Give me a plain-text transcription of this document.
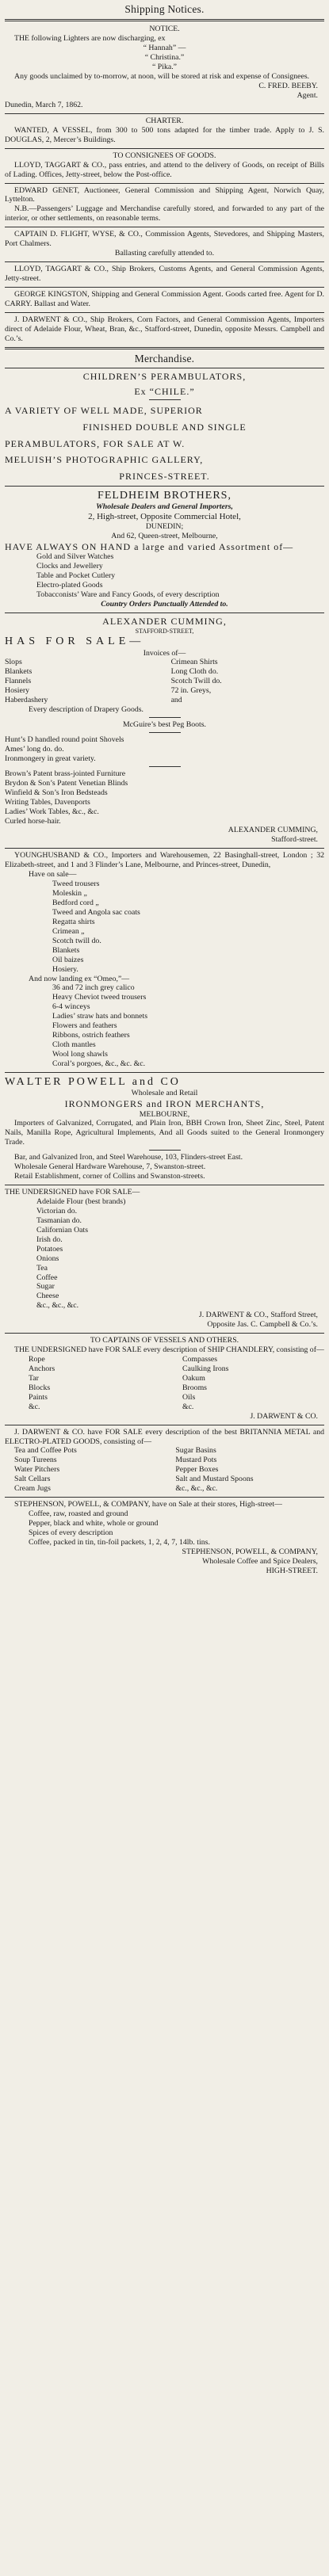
Shipping Notices.
NOTICE.
THE following Lighters are now discharging, ex
“ Hannah” —
“ Christina.”
“ Pika.”
Any goods unclaimed by to-morrow, at noon, will be stored at risk and expense of Consignees.
C. FRED. BEEBY.
Agent.
Dunedin, March 7, 1862.
CHARTER.
WANTED, A VESSEL, from 300 to 500 tons adapted for the timber trade. Apply to J. S. DOUGLAS, 2, Mercer’s Buildings.
TO CONSIGNEES OF GOODS.
LLOYD, TAGGART & CO., pass entries, and attend to the delivery of Goods, on receipt of Bills of Lading. Offices, Jetty-street, below the Post-office.
EDWARD GENET, Auctioneer, General Commission and Shipping Agent, Norwich Quay, Lyttelton.
N.B.—Passengers’ Luggage and Merchandise carefully stored, and forwarded to any part of the interior, or other settlements, on reasonable terms.
CAPTAIN D. FLIGHT, WYSE, & CO., Commission Agents, Stevedores, and Shipping Masters, Port Chalmers.
Ballasting carefully attended to.
LLOYD, TAGGART & CO., Ship Brokers, Customs Agents, and General Commission Agents, Jetty-street.
GEORGE KINGSTON, Shipping and General Commission Agent. Goods carted free. Agent for D. CARRY. Ballast and Water.
J. DARWENT & CO., Ship Brokers, Corn Factors, and General Commission Agents, Importers direct of Adelaide Flour, Wheat, Bran, &c., Stafford-street, Dunedin, opposite Messrs. Campbell and Co.’s.
Merchandise.
CHILDREN’S PERAMBULATORS,
Ex “CHILE.”
A VARIETY OF WELL MADE, SUPERIOR
FINISHED DOUBLE AND SINGLE
PERAMBULATORS, FOR SALE AT W.
MELUISH’S PHOTOGRAPHIC GALLERY,
PRINCES-STREET.
FELDHEIM BROTHERS,
Wholesale Dealers and General Importers,
2, High-street, Opposite Commercial Hotel,
DUNEDIN;
And 62, Queen-street, Melbourne,
HAVE ALWAYS ON HAND a large and varied Assortment of—
Gold and Silver Watches
Clocks and Jewellery
Table and Pocket Cutlery
Electro-plated Goods
Tobacconists’ Ware and Fancy Goods, of every description
Country Orders Punctually Attended to.
ALEXANDER CUMMING,
STAFFORD-STREET,
HAS FOR SALE—
Invoices of—
Slops
Blankets
Flannels
Hosiery
Haberdashery
Crimean Shirts
Long Cloth do.
Scotch Twill do.
72 in. Greys,
and
Every description of Drapery Goods.
McGuire’s best Peg Boots.
Hunt’s D handled round point Shovels
Ames’ long do. do.
Ironmongery in great variety.
Brown’s Patent brass-jointed Furniture
Brydon & Son’s Patent Venetian Blinds
Winfield & Son’s Iron Bedsteads
Writing Tables, Davenports
Ladies’ Work Tables, &c., &c.
Curled horse-hair.
ALEXANDER CUMMING,
Stafford-street.
YOUNGHUSBAND & CO., Importers and Warehousemen, 22 Basinghall-street, London ; 32 Elizabeth-street, and 1 and 3 Flinder’s Lane, Melbourne, and Princes-street, Dunedin,
Have on sale—
Tweed trousers
Moleskin „
Bedford cord „
Tweed and Angola sac coats
Regatta shirts
Crimean „
Scotch twill do.
Blankets
Oil baizes
Hosiery.
And now landing ex “Omeo,”—
36 and 72 inch grey calico
Heavy Cheviot tweed trousers
6-4 winceys
Ladies’ straw hats and bonnets
Flowers and feathers
Ribbons, ostrich feathers
Cloth mantles
Wool long shawls
Coral’s porgoes, &c., &c. &c.
WALTER POWELL and CO
Wholesale and Retail
IRONMONGERS and IRON MERCHANTS,
MELBOURNE,
Importers of Galvanized, Corrugated, and Plain Iron, BBH Crown Iron, Sheet Zinc, Steel, Patent Nails, Manilla Rope, Agricultural Implements, And all Goods suited to the General Ironmongery Trade.
Bar, and Galvanized Iron, and Steel Warehouse, 103, Flinders-street East.
Wholesale General Hardware Warehouse, 7, Swanston-street.
Retail Establishment, corner of Collins and Swanston-streets.
THE UNDERSIGNED have FOR SALE—
Adelaide Flour (best brands)
Victorian do.
Tasmanian do.
Californian Oats
Irish do.
Potatoes
Onions
Tea
Coffee
Sugar
Cheese
&c., &c., &c.
J. DARWENT & CO., Stafford Street,
Opposite Jas. C. Campbell & Co.’s.
TO CAPTAINS OF VESSELS AND OTHERS.
THE UNDERSIGNED have FOR SALE every description of SHIP CHANDLERY, consisting of—
Rope
Anchors
Tar
Blocks
Paints
&c.
Compasses
Caulking Irons
Oakum
Brooms
Oils
&c.
J. DARWENT & CO.
J. DARWENT & CO. have FOR SALE every description of the best BRITANNIA METAL and ELECTRO-PLATED GOODS, consisting of—
Tea and Coffee Pots
Soup Tureens
Water Pitchers
Salt Cellars
Cream Jugs
Sugar Basins
Mustard Pots
Pepper Boxes
Salt and Mustard Spoons
&c., &c., &c.
STEPHENSON, POWELL, & COMPANY, have on Sale at their stores, High-street—
Coffee, raw, roasted and ground
Pepper, black and white, whole or ground
Spices of every description
Coffee, packed in tin, tin-foil packets, 1, 2, 4, 7, 14lb. tins.
STEPHENSON, POWELL, & COMPANY,
Wholesale Coffee and Spice Dealers,
HIGH-STREET.
